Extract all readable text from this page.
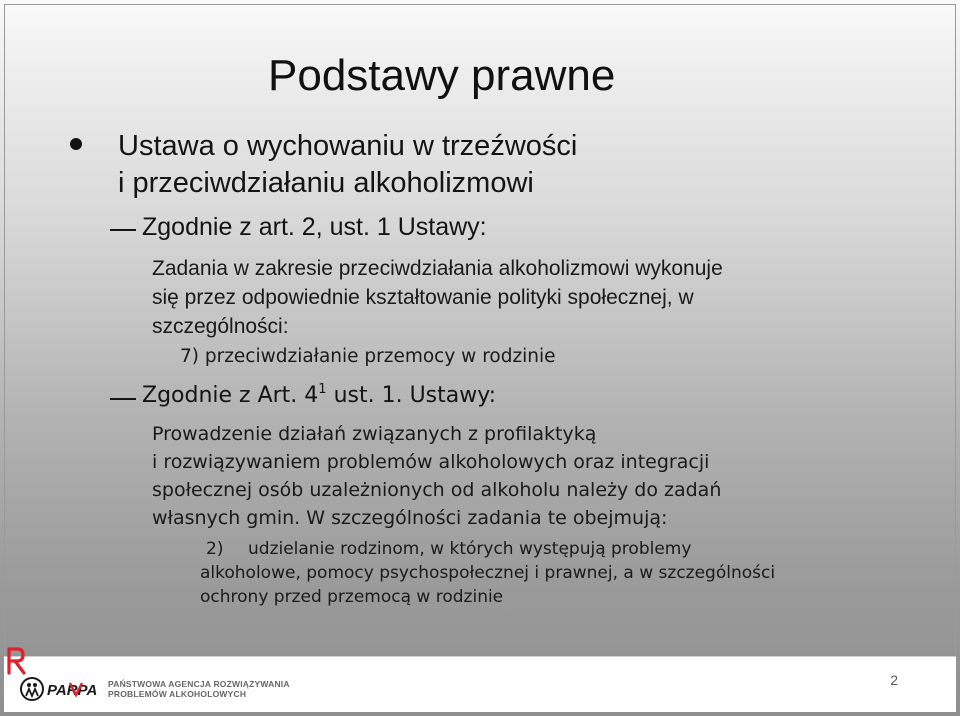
Podstawy prawne
Ustawa o wychowaniu w trzeźwości
i przeciwdziałaniu alkoholizmowi
Zgodnie z art. 2, ust. 1 Ustawy:
Zadania w zakresie przeciwdziałania alkoholizmowi wykonuje
się przez odpowiednie kształtowanie polityki społecznej, w
szczególności:
7) przeciwdziałanie przemocy w rodzinie
Zgodnie z Art. $4^1$ ust. 1. Ustawy:
Prowadzenie działań związanych z profilaktyką
i rozwiązywaniem problemów alkoholowych oraz integracji
społecznej osób uzależnionych od alkoholu należy do zadań
własnych gmin. W szczególności zadania te obejmują:
2) udzielanie rodzinom, w których występują problemy
alkoholowe, pomocy psychospołecznej i prawnej, a w szczególności
ochrony przed przemocą w rodzinie
PARPA PAŃSTWOWA AGENCJA ROZWIĄZYWANIA
PROBLEMÓW ALKOHOLOWYCH
2
